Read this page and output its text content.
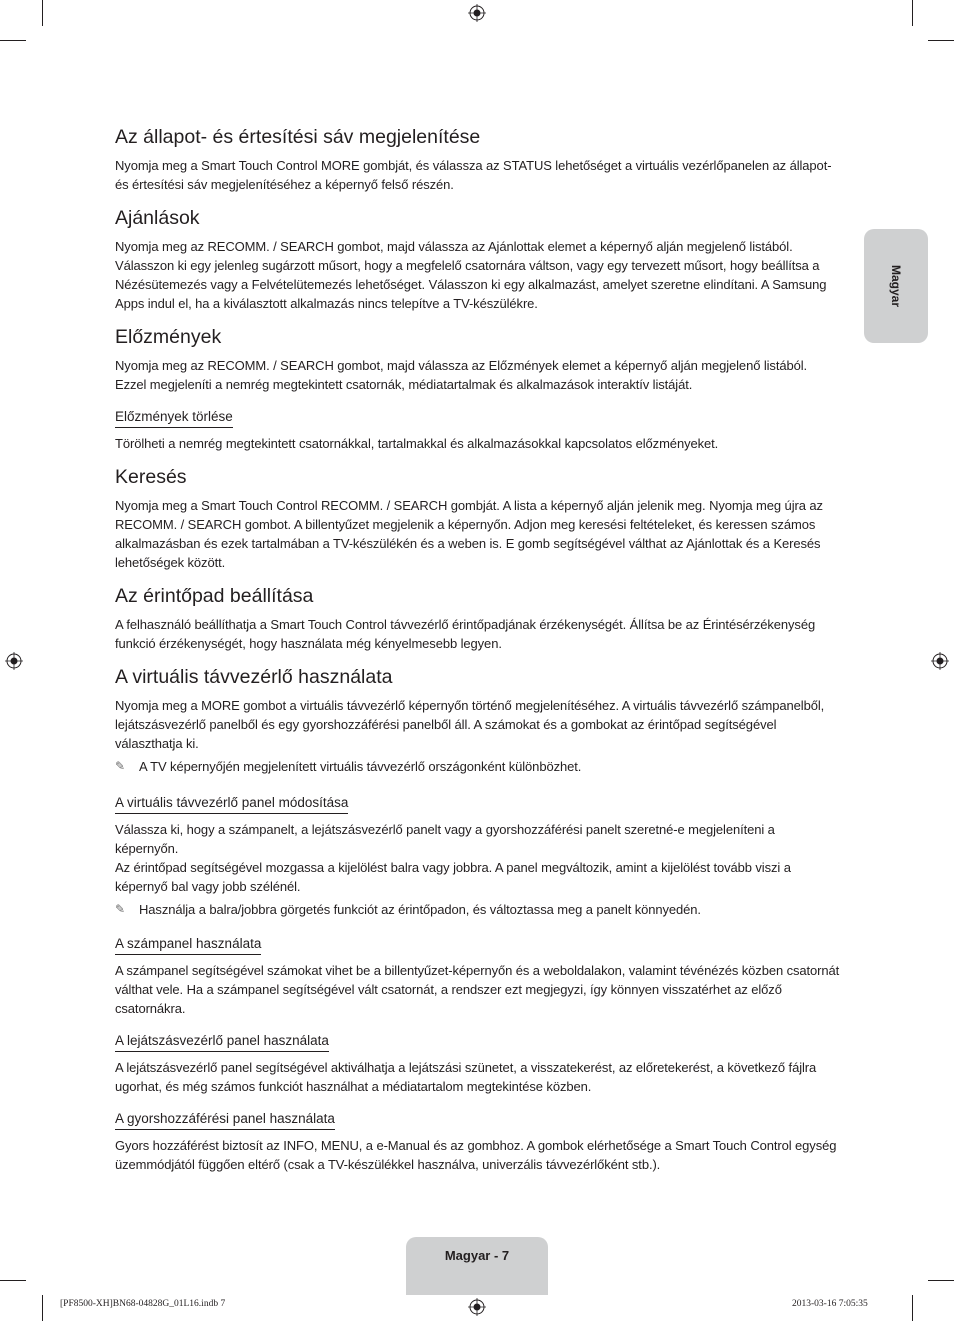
Magyar
Az állapot- és értesítési sáv megjelenítése

Nyomja meg a Smart Touch Control MORE gombját, és válassza az STATUS lehetőséget a virtuális vezérlőpanelen az állapot- és értesítési sáv megjelenítéséhez a képernyő felső részén.

Ajánlások

Nyomja meg az RECOMM. / SEARCH gombot, majd válassza az Ajánlottak elemet a képernyő alján megjelenő listából. Válasszon ki egy jelenleg sugárzott műsort, hogy a megfelelő csatornára váltson, vagy egy tervezett műsort, hogy beállítsa a Nézésütemezés vagy a Felvételütemezés lehetőséget. Válasszon ki egy alkalmazást, amelyet szeretne elindítani. A Samsung Apps indul el, ha a kiválasztott alkalmazás nincs telepítve a TV-készülékre.

Előzmények

Nyomja meg az RECOMM. / SEARCH gombot, majd válassza az Előzmények elemet a képernyő alján megjelenő listából. Ezzel megjeleníti a nemrég megtekintett csatornák, médiatartalmak és alkalmazások interaktív listáját.

Előzmények törlése

Törölheti a nemrég megtekintett csatornákkal, tartalmakkal és alkalmazásokkal kapcsolatos előzményeket.

Keresés

Nyomja meg a Smart Touch Control RECOMM. / SEARCH gombját. A lista a képernyő alján jelenik meg. Nyomja meg újra az RECOMM. / SEARCH gombot. A billentyűzet megjelenik a képernyőn. Adjon meg keresési feltételeket, és keressen számos alkalmazásban és ezek tartalmában a TV-készülékén és a weben is. E gomb segítségével válthat az Ajánlottak és a Keresés lehetőségek között.

Az érintőpad beállítása

A felhasználó beállíthatja a Smart Touch Control távvezérlő érintőpadjának érzékenységét. Állítsa be az Érintésérzékenység funkció érzékenységét, hogy használata még kényelmesebb legyen.

A virtuális távvezérlő használata

Nyomja meg a MORE gombot a virtuális távvezérlő képernyőn történő megjelenítéséhez. A virtuális távvezérlő számpanelből, lejátszásvezérlő panelből és egy gyorshozzáférési panelből áll. A számokat és a gombokat az érintőpad segítségével választhatja ki.

✎	A TV képernyőjén megjelenített virtuális távvezérlő országonként különbözhet.

A virtuális távvezérlő panel módosítása

Válassza ki, hogy a számpanelt, a lejátszásvezérlő panelt vagy a gyorshozzáférési panelt szeretné-e megjeleníteni a képernyőn.

Az érintőpad segítségével mozgassa a kijelölést balra vagy jobbra. A panel megváltozik, amint a kijelölést tovább viszi a képernyő bal vagy jobb szélénél.

✎	Használja a balra/jobbra görgetés funkciót az érintőpadon, és változtassa meg a panelt könnyedén.

A számpanel használata

A számpanel segítségével számokat vihet be a billentyűzet-képernyőn és a weboldalakon, valamint tévénézés közben csatornát válthat vele. Ha a számpanel segítségével vált csatornát, a rendszer ezt megjegyzi, így könnyen visszatérhet az előző csatornákra.

A lejátszásvezérlő panel használata

A lejátszásvezérlő panel segítségével aktiválhatja a lejátszási szünetet, a visszatekerést, az előretekerést, a következő fájlra ugorhat, és még számos funkciót használhat a médiatartalom megtekintése közben.

A gyorshozzáférési panel használata

Gyors hozzáférést biztosít az INFO, MENU, a e-Manual és az gombhoz. A gombok elérhetősége a Smart Touch Control egység üzemmódjától függően eltérő (csak a TV-készülékkel használva, univerzális távvezérlőként stb.).

Magyar - 7
[PF8500-XH]BN68-04828G_01L16.indb 7	2013-03-16 7:05:35
